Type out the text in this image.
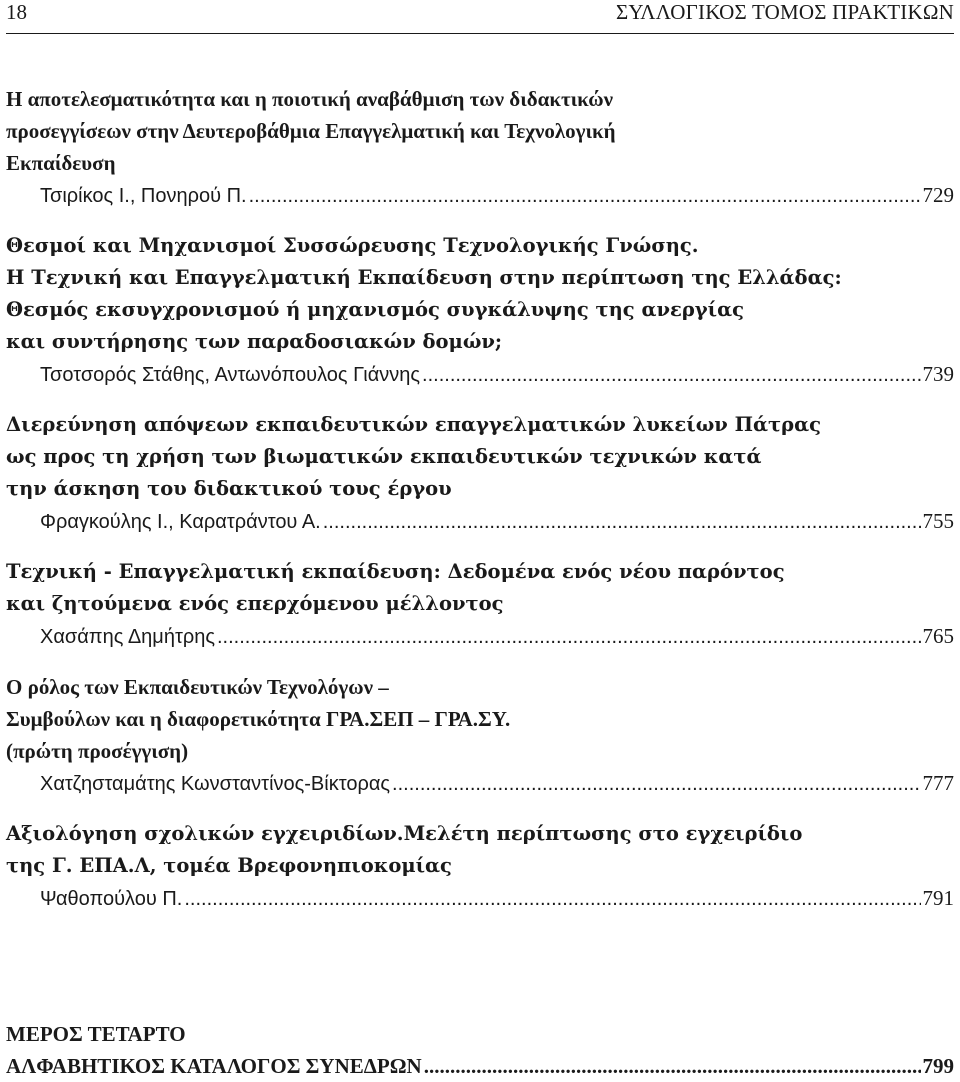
18	ΣΥΛΛΟΓΙΚΟΣ ΤΟΜΟΣ ΠΡΑΚΤΙΚΩΝ
Η αποτελεσματικότητα και η ποιοτική αναβάθμιση των διδακτικών
προσεγγίσεων στην Δευτεροβάθμια Επαγγελματική και Τεχνολογική
Εκπαίδευση
Τσιρίκος Ι., Πονηρού Π. .....	729
Θεσμοί και Μηχανισμοί Συσσώρευσης Τεχνολογικής Γνώσης.
Η Τεχνική και Επαγγελματική Εκπαίδευση στην περίπτωση της Ελλάδας:
Θεσμός εκσυγχρονισμού ή μηχανισμός συγκάλυψης της ανεργίας
και συντήρησης των παραδοσιακών δομών;
Τσοτσορός Στάθης, Αντωνόπουλος Γιάννης .....	739
Διερεύνηση απόψεων εκπαιδευτικών επαγγελματικών λυκείων Πάτρας
ως προς τη χρήση των βιωματικών εκπαιδευτικών τεχνικών κατά
την άσκηση του διδακτικού τους έργου
Φραγκούλης Ι., Καρατράντου Α. .....	755
Τεχνική - Επαγγελματική εκπαίδευση: Δεδομένα ενός νέου παρόντος
και ζητούμενα ενός επερχόμενου μέλλοντος
Χασάπης Δημήτρης .....	765
Ο ρόλος των Εκπαιδευτικών Τεχνολόγων –
Συμβούλων και η διαφορετικότητα ΓΡΑ.ΣΕΠ – ΓΡΑ.ΣΥ.
(πρώτη προσέγγιση)
Χατζησταμάτης Κωνσταντίνος-Βίκτορας .....	777
Αξιολόγηση σχολικών εγχειριδίων.Μελέτη περίπτωσης στο εγχειρίδιο
της Γ. ΕΠΑ.Λ, τομέα Βρεφονηπιοκομίας
Ψαθοπούλου Π. .....	791
ΜΕΡΟΣ ΤΕΤΑΡΤΟ
ΑΛΦΑΒΗΤΙΚΟΣ ΚΑΤΑΛΟΓΟΣ ΣΥΝΕΔΡΩΝ .....	799
